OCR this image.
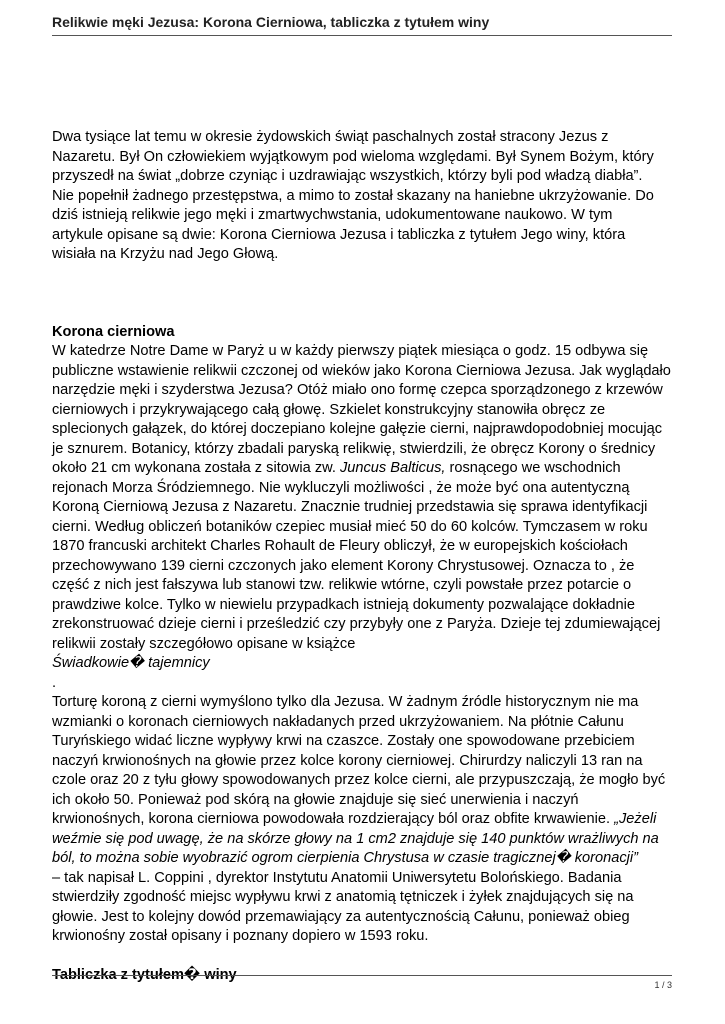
Relikwie męki Jezusa: Korona Cierniowa, tabliczka z tytułem winy

Dwa tysiące lat temu w okresie żydowskich świąt paschalnych został stracony Jezus z

Nazaretu. Był On człowiekiem wyjątkowym pod wieloma względami. Był Synem Bożym, który

przyszedł na świat „dobrze czyniąc i uzdrawiając wszystkich, którzy byli pod władzą diabła”.

Nie popełnił żadnego przestępstwa, a mimo to został skazany na haniebne ukrzyżowanie. Do

dziś istnieją relikwie jego męki i zmartwychwstania, udokumentowane naukowo. W tym

artykule opisane są dwie: Korona Cierniowa Jezusa i tabliczka z tytułem Jego winy, która

wisiała na Krzyżu nad Jego Głową.

Korona cierniowa

W katedrze Notre Dame w Paryż u w każdy pierwszy piątek miesiąca o godz. 15 odbywa się

publiczne wstawienie relikwii czczonej od wieków jako Korona Cierniowa Jezusa. Jak wyglądało

narzędzie męki i szyderstwa Jezusa? Otóż miało ono formę czepca sporządzonego z krzewów

cierniowych i przykrywającego całą głowę. Szkielet konstrukcyjny stanowiła obręcz ze

splecionych gałązek, do której doczepiano kolejne gałęzie cierni, najprawdopodobniej mocując

je sznurem. Botanicy, którzy zbadali paryską relikwię, stwierdzili, że obręcz Korony o średnicy

około 21 cm wykonana została z sitowia zw. Juncus Balticus, rosnącego we wschodnich

rejonach Morza Śródziemnego. Nie wykluczyli możliwości , że może być ona autentyczną

Koroną Cierniową Jezusa z Nazaretu. Znacznie trudniej przedstawia się sprawa identyfikacji

cierni. Według obliczeń botaników czepiec musiał mieć 50 do 60 kolców. Tymczasem w roku

1870 francuski architekt Charles Rohault de Fleury obliczył, że w europejskich kościołach

przechowywano 139 cierni czczonych jako element Korony Chrystusowej. Oznacza to , że

część z nich jest fałszywa lub stanowi tzw. relikwie wtórne, czyli powstałe przez potarcie o

prawdziwe kolce. Tylko w niewielu przypadkach istnieją dokumenty pozwalające dokładnie

zrekonstruować dzieje cierni i prześledzić czy przybyły one z Paryża. Dzieje tej zdumiewającej

relikwii zostały szczegółowo opisane w książce

Świadkowie� tajemnicy

.

Torturę koroną z cierni wymyślono tylko dla Jezusa. W żadnym źródle historycznym nie ma

wzmianki o koronach cierniowych nakładanych przed ukrzyżowaniem. Na płótnie Całunu

Turyńskiego widać liczne wypływy krwi na czaszce. Zostały one spowodowane przebiciem

naczyń krwionośnych na głowie przez kolce korony cierniowej. Chirurdzy naliczyli 13 ran na

czole oraz 20 z tyłu głowy spowodowanych przez kolce cierni, ale przypuszczają, że mogło być

ich około 50. Ponieważ pod skórą na głowie znajduje się sieć unerwienia i naczyń

krwionośnych, korona cierniowa powodowała rozdzierający ból oraz obfite krwawienie. „Jeżeli

weźmie się pod uwagę, że na skórze głowy na 1 cm2 znajduje się 140 punktów wrażliwych na

ból, to można sobie wyobrazić ogrom cierpienia Chrystusa w czasie tragicznej� koronacji”

– tak napisał L. Coppini , dyrektor Instytutu Anatomii Uniwersytetu Bolońskiego. Badania

stwierdziły zgodność miejsc wypływu krwi z anatomią tętniczek i żyłek znajdujących się na

głowie. Jest to kolejny dowód przemawiający za autentycznością Całunu, ponieważ obieg

krwionośny został opisany i poznany dopiero w 1593 roku.

Tabliczka z tytułem� winy

1 / 3
